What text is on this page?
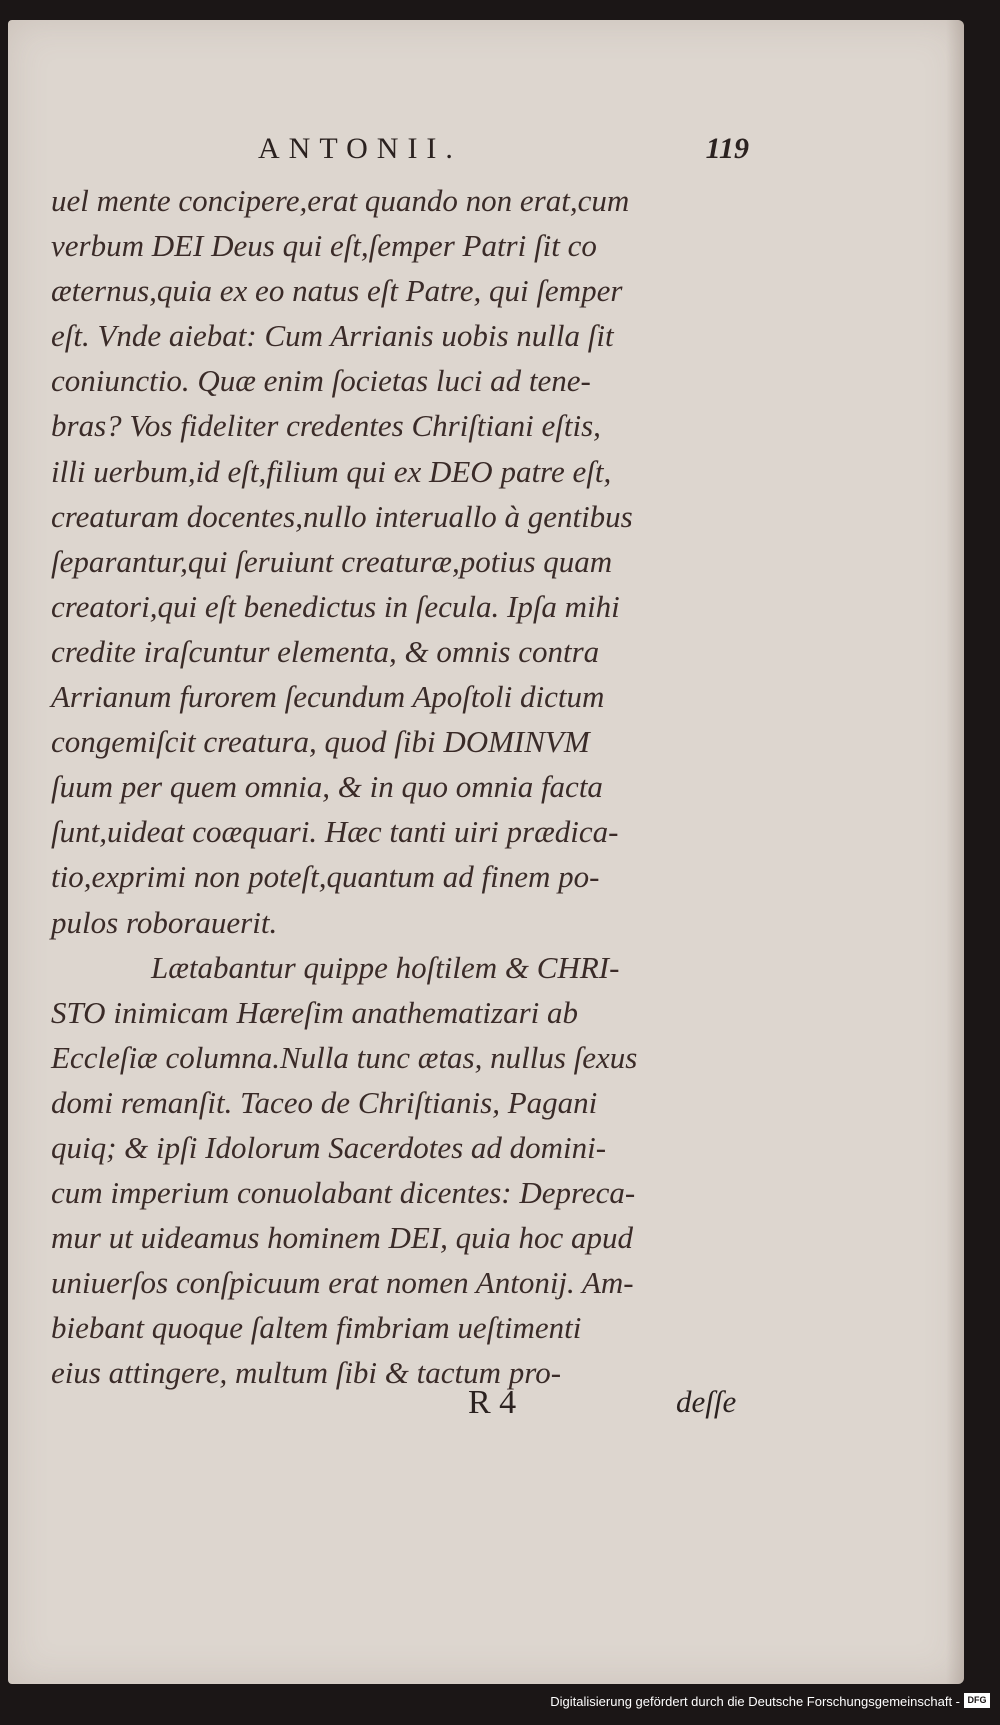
ANTONII.	119
uel mente concipere,erat quando non erat,cum
verbum DEI Deus qui eſt,ſemper Patri ſit co
æternus,quia ex eo natus eſt Patre, qui ſemper
eſt. Vnde aiebat: Cum Arrianis uobis nulla ſit
coniunctio. Quæ enim ſocietas luci ad tene-
bras? Vos fideliter credentes Chriſtiani eſtis,
illi uerbum,id eſt,filium qui ex DEO patre eſt,
creaturam docentes,nullo interuallo à gentibus
ſeparantur,qui ſeruiunt creaturæ,potius quam
creatori,qui eſt benedictus in ſecula. Ipſa mihi
credite iraſcuntur elementa, & omnis contra
Arrianum furorem ſecundum Apoſtoli dictum
congemiſcit creatura, quod ſibi DOMINVM
ſuum per quem omnia, & in quo omnia facta
ſunt,uideat coæquari. Hæc tanti uiri prædica-
tio,exprimi non poteſt,quantum ad finem po-
pulos roborauerit.
Lætabantur quippe hoſtilem & CHRI-
STO inimicam Hæreſim anathematizari ab
Eccleſiæ columna.Nulla tunc ætas, nullus ſexus
domi remanſit. Taceo de Chriſtianis, Pagani
quiq; & ipſi Idolorum Sacerdotes ad domini-
cum imperium conuolabant dicentes: Depreca-
mur ut uideamus hominem DEI, quia hoc apud
uniuerſos conſpicuum erat nomen Antonij. Am-
biebant quoque ſaltem fimbriam ueſtimenti
eius attingere, multum ſibi & tactum pro-
R 4	deſſe
Digitalisierung gefördert durch die Deutsche Forschungsgemeinschaft - DFG
